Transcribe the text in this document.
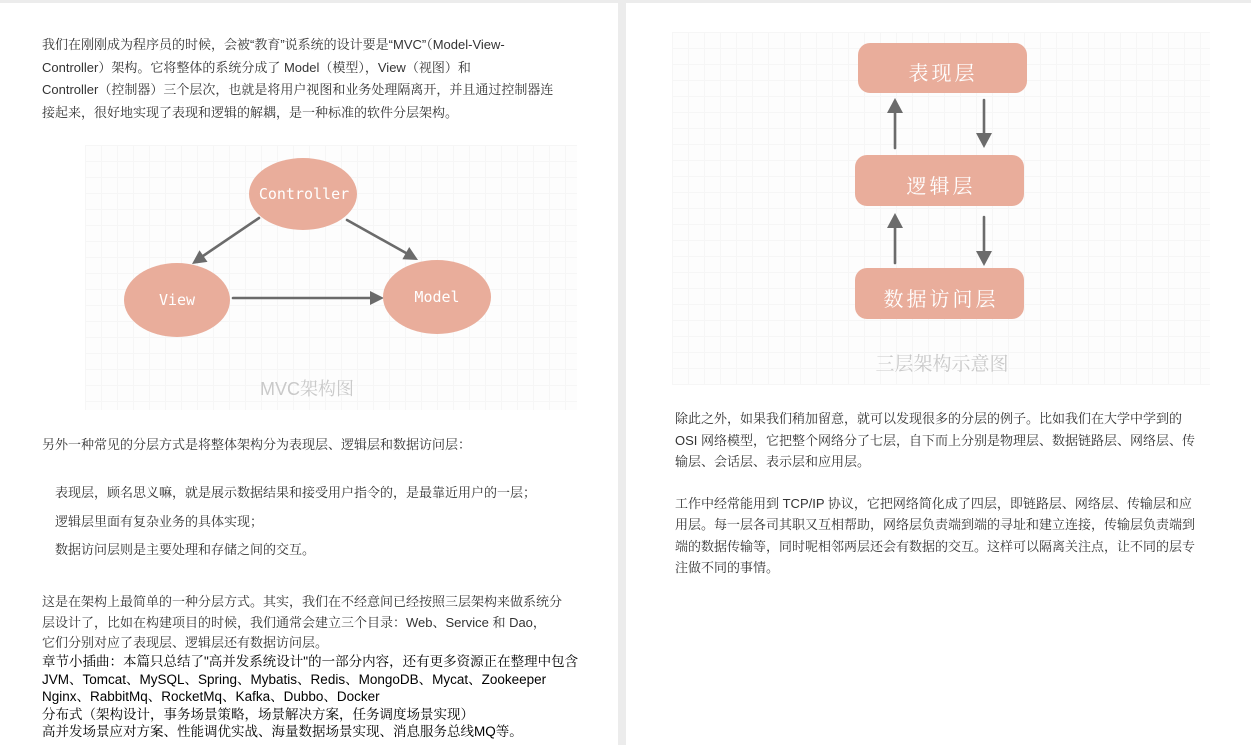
我们在刚刚成为程序员的时候，会被“教育”说系统的设计要是“MVC”（Model-View-
Controller）架构。它将整体的系统分成了 Model（模型），View（视图）和
Controller（控制器）三个层次，也就是将用户视图和业务处理隔离开，并且通过控制器连
接起来，很好地实现了表现和逻辑的解耦，是一种标准的软件分层架构。
Controller
View	Model
MVC架构图
另外一种常见的分层方式是将整体架构分为表现层、逻辑层和数据访问层：
表现层，顾名思义嘛，就是展示数据结果和接受用户指令的，是最靠近用户的一层；
逻辑层里面有复杂业务的具体实现；
数据访问层则是主要处理和存储之间的交互。
这是在架构上最简单的一种分层方式。其实，我们在不经意间已经按照三层架构来做系统分
层设计了，比如在构建项目的时候，我们通常会建立三个目录：Web、Service 和 Dao，
它们分别对应了表现层、逻辑层还有数据访问层。
章节小插曲：本篇只总结了"高并发系统设计"的一部分内容，还有更多资源正在整理中包含
JVM、Tomcat、MySQL、Spring、Mybatis、Redis、MongoDB、Mycat、Zookeeper
Nginx、RabbitMq、RocketMq、Kafka、Dubbo、Docker
分布式（架构设计，事务场景策略，场景解决方案，任务调度场景实现）
高并发场景应对方案、性能调优实战、海量数据场景实现、消息服务总线MQ等。
表现层
逻辑层
数据访问层
三层架构示意图
除此之外，如果我们稍加留意，就可以发现很多的分层的例子。比如我们在大学中学到的
OSI 网络模型，它把整个网络分了七层，自下而上分别是物理层、数据链路层、网络层、传
输层、会话层、表示层和应用层。
工作中经常能用到 TCP/IP 协议，它把网络简化成了四层，即链路层、网络层、传输层和应
用层。每一层各司其职又互相帮助，网络层负责端到端的寻址和建立连接，传输层负责端到
端的数据传输等，同时呢相邻两层还会有数据的交互。这样可以隔离关注点，让不同的层专
注做不同的事情。
